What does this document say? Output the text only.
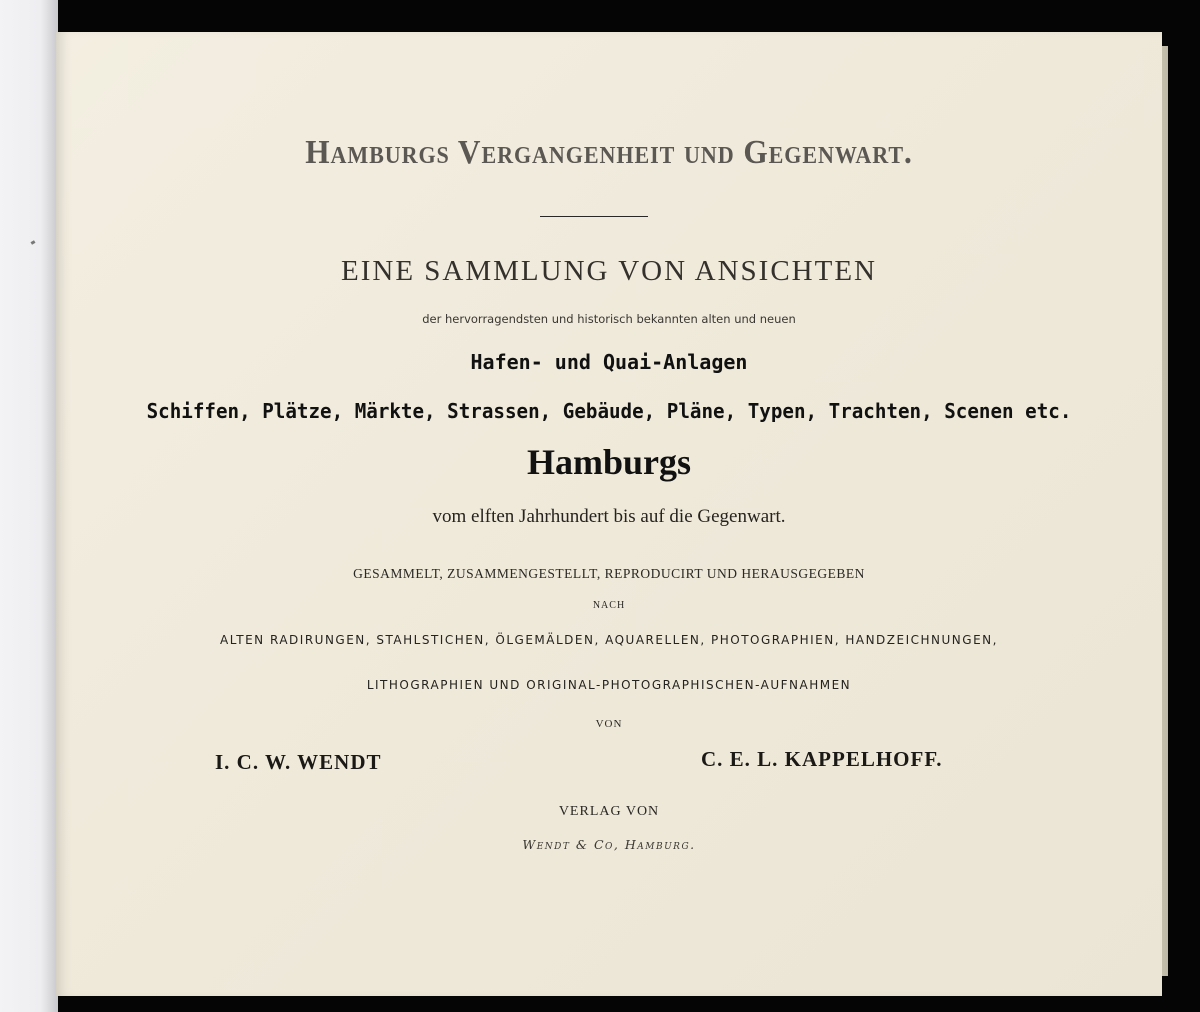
Hamburgs Vergangenheit und Gegenwart.
EINE SAMMLUNG VON ANSICHTEN
der hervorragendsten und historisch bekannten alten und neuen
Hafen- und Quai-Anlagen
Schiffen, Plätze, Märkte, Strassen, Gebäude, Pläne, Typen, Trachten, Scenen etc.
Hamburgs
vom elften Jahrhundert bis auf die Gegenwart.
GESAMMELT, ZUSAMMENGESTELLT, REPRODUCIRT UND HERAUSGEGEBEN
NACH
ALTEN RADIRUNGEN, STAHLSTICHEN, ÖLGEMÄLDEN, AQUARELLEN, PHOTOGRAPHIEN, HANDZEICHNUNGEN,
LITHOGRAPHIEN UND ORIGINAL-PHOTOGRAPHISCHEN-AUFNAHMEN
VON
I. C. W. WENDT	C. E. L. KAPPELHOFF.
VERLAG VON
Wendt & Co, Hamburg.
